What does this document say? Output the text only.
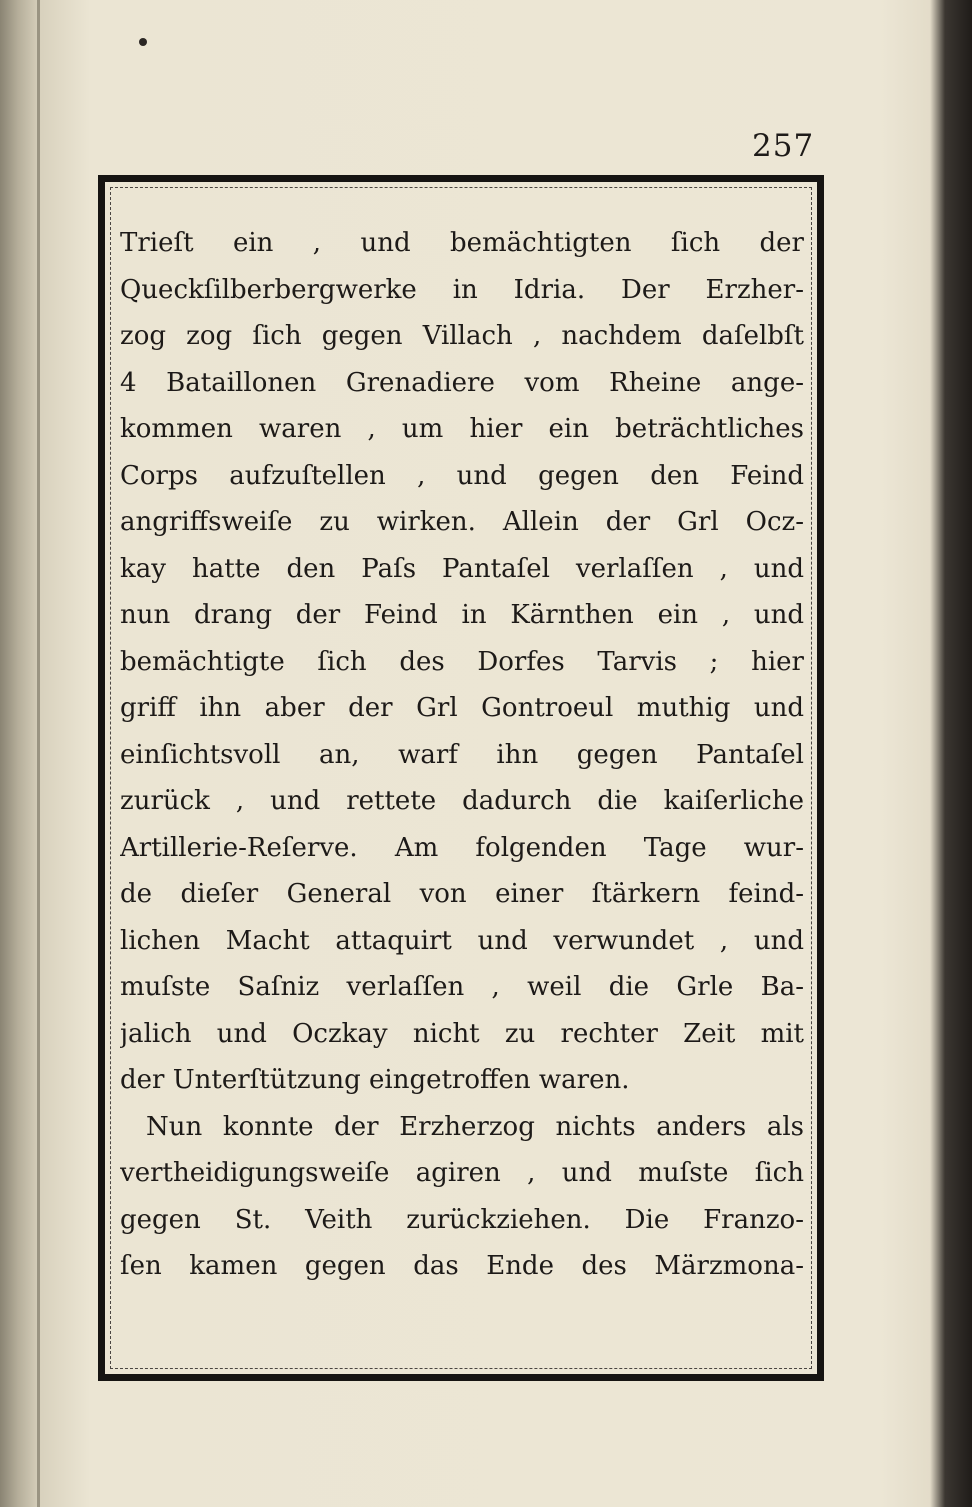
257
Trieſt ein , und bemächtigten ſich der
Queckſilberbergwerke in Idria. Der Erzher-
zog zog ſich gegen Villach , nachdem daſelbſt
4 Bataillonen Grenadiere vom Rheine ange-
kommen waren , um hier ein beträchtliches
Corps aufzuſtellen , und gegen den Feind
angriffsweiſe zu wirken. Allein der Grl Ocz-
kay hatte den Paſs Pantaſel verlaſſen , und
nun drang der Feind in Kärnthen ein , und
bemächtigte ſich des Dorfes Tarvis ; hier
griff ihn aber der Grl Gontroeul muthig und
einſichtsvoll an, warf ihn gegen Pantaſel
zurück , und rettete dadurch die kaiſerliche
Artillerie-Reſerve. Am folgenden Tage wur-
de dieſer General von einer ſtärkern feind-
lichen Macht attaquirt und verwundet , und
muſste Saſniz verlaſſen , weil die Grle Ba-
jalich und Oczkay nicht zu rechter Zeit mit
der Unterſtützung eingetroffen waren.
Nun konnte der Erzherzog nichts anders als
vertheidigungsweiſe agiren , und muſste ſich
gegen St. Veith zurückziehen. Die Franzo-
ſen kamen gegen das Ende des Märzmona-
